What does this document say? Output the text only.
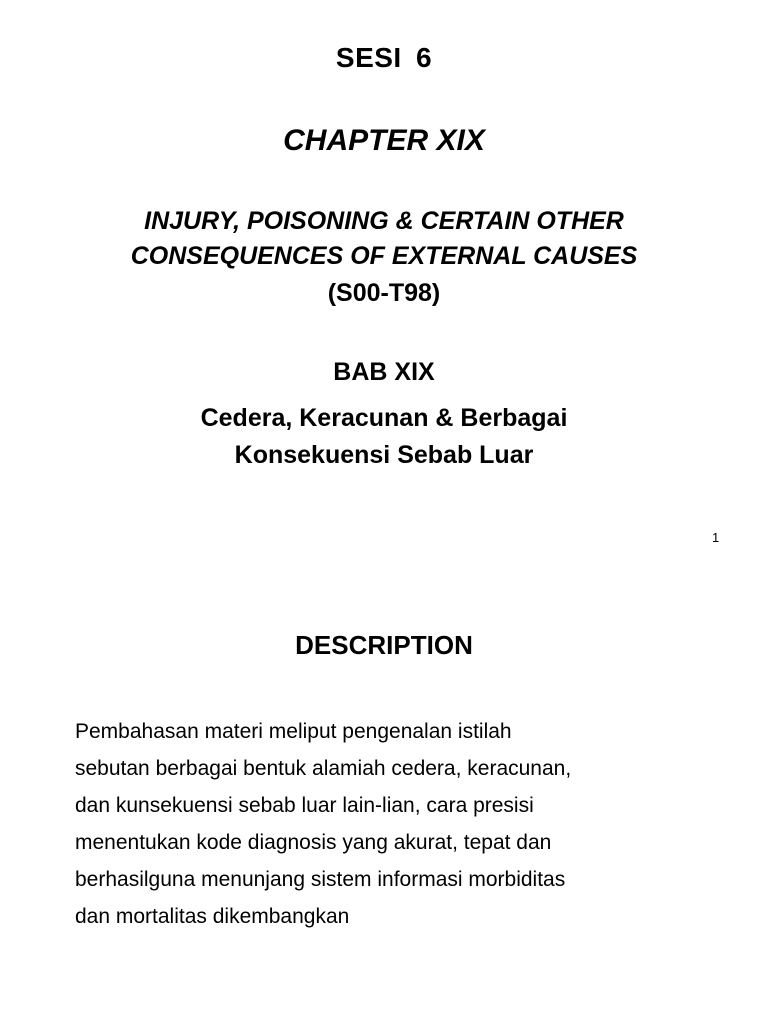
SESI 6
CHAPTER XIX
INJURY, POISONING & CERTAIN OTHER
CONSEQUENCES OF EXTERNAL CAUSES
(S00-T98)
BAB XIX
Cedera, Keracunan & Berbagai
Konsekuensi Sebab Luar
1
DESCRIPTION
Pembahasan materi meliput pengenalan istilah
sebutan berbagai bentuk alamiah cedera, keracunan,
dan kunsekuensi sebab luar lain-lian, cara presisi
menentukan kode diagnosis yang akurat, tepat dan
berhasilguna menunjang sistem informasi morbiditas
dan mortalitas dikembangkan
